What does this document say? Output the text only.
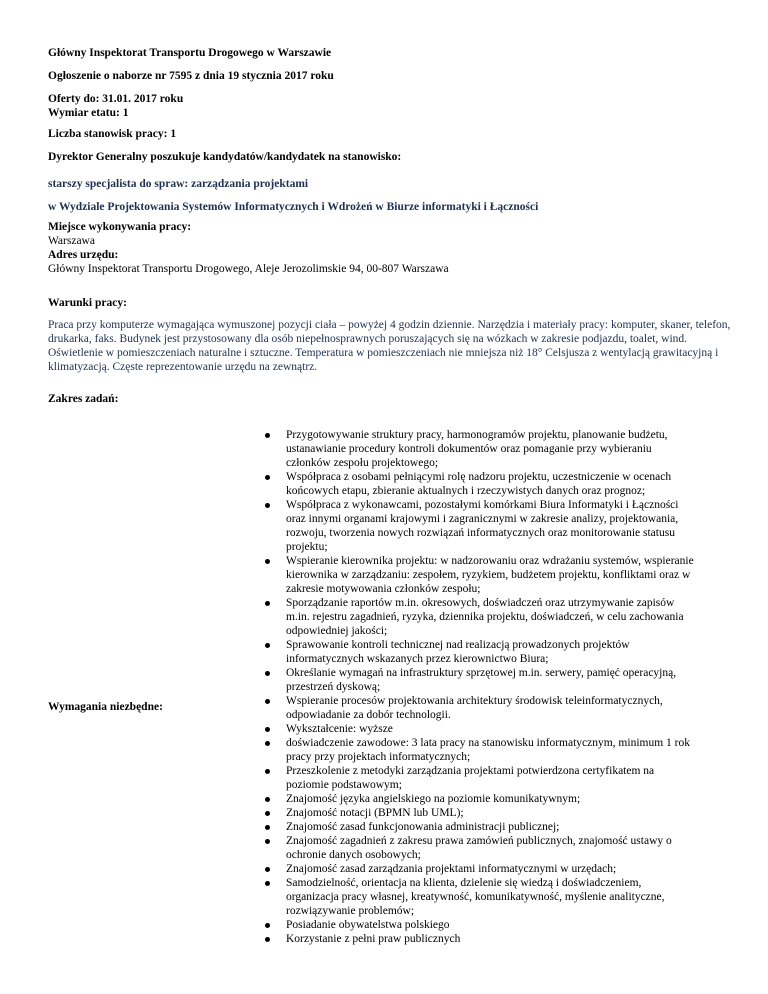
Główny Inspektorat Transportu Drogowego w Warszawie
Ogłoszenie o naborze nr 7595 z dnia 19 stycznia 2017 roku
Oferty do: 31.01. 2017 roku
Wymiar etatu: 1
Liczba stanowisk pracy: 1
Dyrektor Generalny poszukuje kandydatów/kandydatek na stanowisko:
starszy specjalista do spraw: zarządzania projektami
w Wydziale Projektowania Systemów Informatycznych i Wdrożeń w Biurze informatyki i Łączności
Miejsce wykonywania pracy:
Warszawa
Adres urzędu:
Główny Inspektorat Transportu Drogowego, Aleje Jerozolimskie 94, 00-807 Warszawa
Warunki pracy:
Praca przy komputerze wymagająca wymuszonej pozycji ciała – powyżej 4 godzin dziennie. Narzędzia i materiały pracy: komputer, skaner, telefon, drukarka, faks. Budynek jest przystosowany dla osób niepełnosprawnych poruszających się na wózkach w zakresie podjazdu, toalet, wind. Oświetlenie w pomieszczeniach naturalne i sztuczne. Temperatura w pomieszczeniach nie mniejsza niż 18° Celsjusza z wentylacją grawitacyjną i klimatyzacją. Częste reprezentowanie urzędu na zewnątrz.
Zakres zadań:
Przygotowywanie struktury pracy, harmonogramów projektu, planowanie budżetu, ustanawianie procedury kontroli dokumentów oraz pomaganie przy wybieraniu członków zespołu projektowego;
Współpraca z osobami pełniącymi rolę nadzoru projektu, uczestniczenie w ocenach końcowych etapu, zbieranie aktualnych i rzeczywistych danych oraz prognoz;
Współpraca z wykonawcami, pozostałymi komórkami Biura Informatyki i Łączności oraz innymi organami krajowymi i zagranicznymi w zakresie analizy, projektowania, rozwoju, tworzenia nowych rozwiązań informatycznych oraz monitorowanie statusu projektu;
Wspieranie kierownika projektu: w nadzorowaniu oraz wdrażaniu systemów, wspieranie kierownika w zarządzaniu: zespołem, ryzykiem, budżetem projektu, konfliktami oraz w zakresie motywowania członków zespołu;
Sporządzanie raportów m.in. okresowych, doświadczeń oraz utrzymywanie zapisów m.in. rejestru zagadnień, ryzyka, dziennika projektu, doświadczeń, w celu zachowania odpowiedniej jakości;
Sprawowanie kontroli technicznej nad realizacją prowadzonych projektów informatycznych wskazanych przez kierownictwo Biura;
Określanie wymagań na infrastruktury sprzętowej m.in. serwery, pamięć operacyjną, przestrzeń dyskową;
Wspieranie procesów projektowania architektury środowisk teleinformatycznych, odpowiadanie za dobór technologii.
Wymagania niezbędne:
Wykształcenie: wyższe
doświadczenie zawodowe: 3 lata pracy na stanowisku informatycznym, minimum 1 rok pracy przy projektach informatycznych;
Przeszkolenie z metodyki zarządzania projektami potwierdzona certyfikatem na poziomie podstawowym;
Znajomość języka angielskiego na poziomie komunikatywnym;
Znajomość notacji (BPMN lub UML);
Znajomość zasad funkcjonowania administracji publicznej;
Znajomość zagadnień z zakresu prawa zamówień publicznych, znajomość ustawy o ochronie danych osobowych;
Znajomość zasad zarządzania projektami informatycznymi w urzędach;
Samodzielność, orientacja na klienta, dzielenie się wiedzą i doświadczeniem, organizacja pracy własnej, kreatywność, komunikatywność, myślenie analityczne, rozwiązywanie problemów;
Posiadanie obywatelstwa polskiego
Korzystanie z pełni praw publicznych
